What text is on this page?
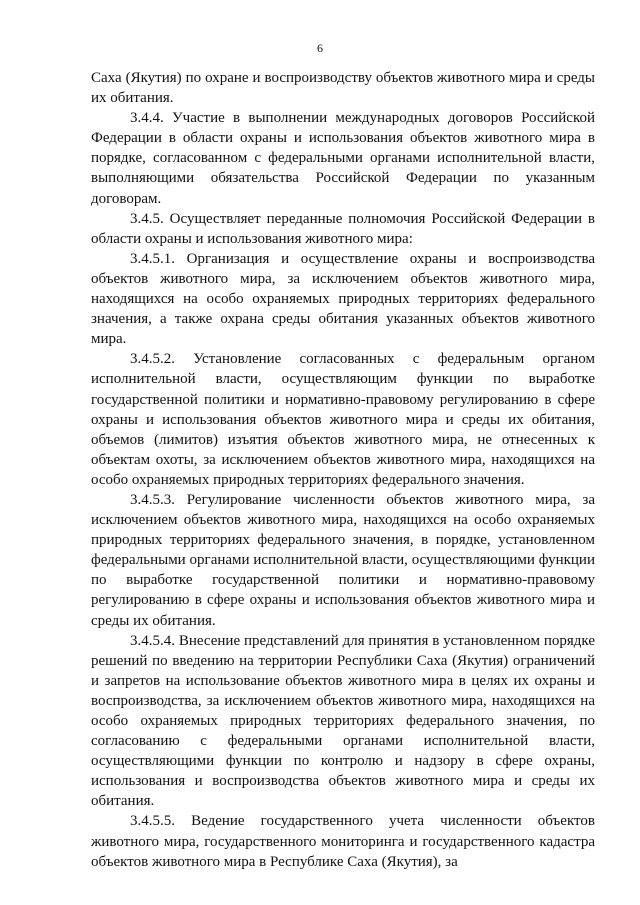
6

Саха (Якутия) по охране и воспроизводству объектов животного мира и среды их обитания.

3.4.4. Участие в выполнении международных договоров Российской Федерации в области охраны и использования объектов животного мира в порядке, согласованном с федеральными органами исполнительной власти, выполняющими обязательства Российской Федерации по указанным договорам.

3.4.5. Осуществляет переданные полномочия Российской Федерации в области охраны и использования животного мира:

3.4.5.1. Организация и осуществление охраны и воспроизводства объектов животного мира, за исключением объектов животного мира, находящихся на особо охраняемых природных территориях федерального значения, а также охрана среды обитания указанных объектов животного мира.

3.4.5.2. Установление согласованных с федеральным органом исполнительной власти, осуществляющим функции по выработке государственной политики и нормативно-правовому регулированию в сфере охраны и использования объектов животного мира и среды их обитания, объемов (лимитов) изъятия объектов животного мира, не отнесенных к объектам охоты, за исключением объектов животного мира, находящихся на особо охраняемых природных территориях федерального значения.

3.4.5.3. Регулирование численности объектов животного мира, за исключением объектов животного мира, находящихся на особо охраняемых природных территориях федерального значения, в порядке, установленном федеральными органами исполнительной власти, осуществляющими функции по выработке государственной политики и нормативно-правовому регулированию в сфере охраны и использования объектов животного мира и среды их обитания.

3.4.5.4. Внесение представлений для принятия в установленном порядке решений по введению на территории Республики Саха (Якутия) ограничений и запретов на использование объектов животного мира в целях их охраны и воспроизводства, за исключением объектов животного мира, находящихся на особо охраняемых природных территориях федерального значения, по согласованию с федеральными органами исполнительной власти, осуществляющими функции по контролю и надзору в сфере охраны, использования и воспроизводства объектов животного мира и среды их обитания.

3.4.5.5. Ведение государственного учета численности объектов животного мира, государственного мониторинга и государственного кадастра объектов животного мира в Республике Саха (Якутия), за
